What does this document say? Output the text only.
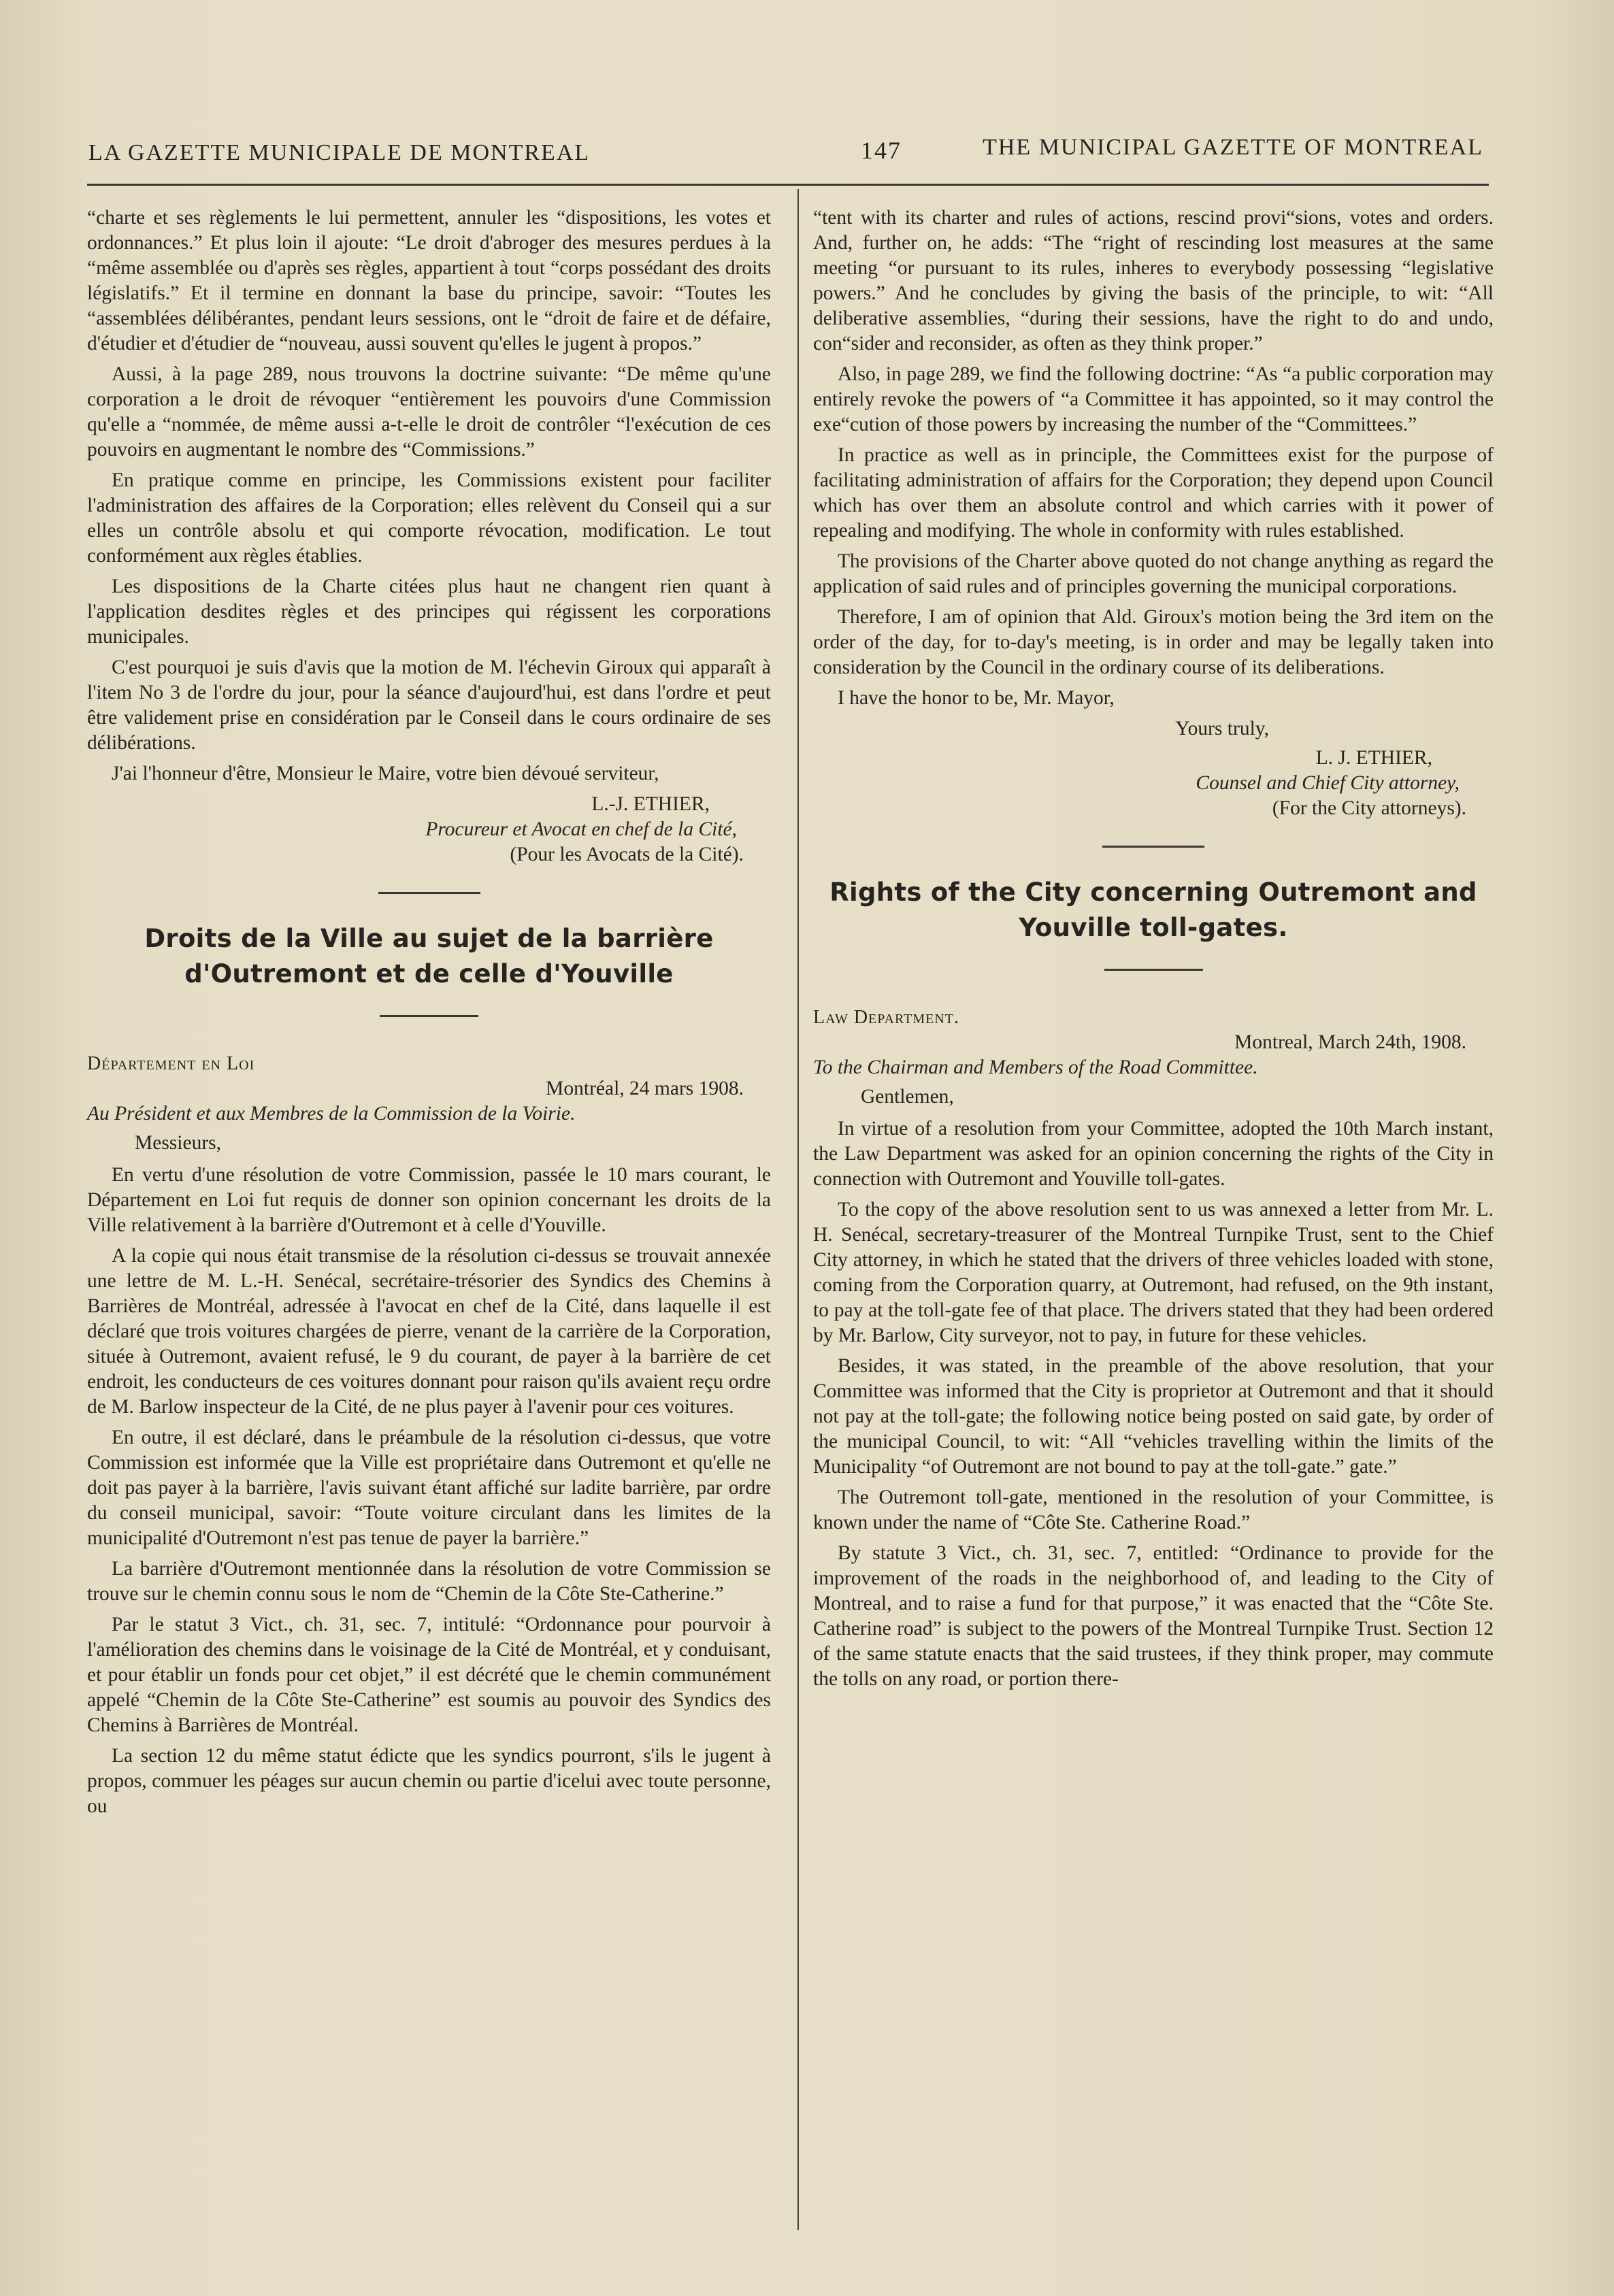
LA GAZETTE MUNICIPALE DE MONTREAL	147	THE MUNICIPAL GAZETTE OF MONTREAL

“charte et ses règlements le lui permettent, annuler les “dispositions, les votes et ordonnances.” Et plus loin il ajoute: “Le droit d'abroger des mesures perdues à la “même assemblée ou d'après ses règles, appartient à tout “corps possédant des droits législatifs.” Et il termine en donnant la base du principe, savoir: “Toutes les “assemblées délibérantes, pendant leurs sessions, ont le “droit de faire et de défaire, d'étudier et d'étudier de “nouveau, aussi souvent qu'elles le jugent à propos.”

Aussi, à la page 289, nous trouvons la doctrine suivante: “De même qu'une corporation a le droit de révoquer “entièrement les pouvoirs d'une Commission qu'elle a “nommée, de même aussi a-t-elle le droit de contrôler “l'exécution de ces pouvoirs en augmentant le nombre des “Commissions.”

En pratique comme en principe, les Commissions existent pour faciliter l'administration des affaires de la Corporation; elles relèvent du Conseil qui a sur elles un contrôle absolu et qui comporte révocation, modification. Le tout conformément aux règles établies.

Les dispositions de la Charte citées plus haut ne changent rien quant à l'application desdites règles et des principes qui régissent les corporations municipales.

C'est pourquoi je suis d'avis que la motion de M. l'échevin Giroux qui apparaît à l'item No 3 de l'ordre du jour, pour la séance d'aujourd'hui, est dans l'ordre et peut être validement prise en considération par le Conseil dans le cours ordinaire de ses délibérations.

J'ai l'honneur d'être, Monsieur le Maire, votre bien dévoué serviteur,

L.-J. ETHIER,
Procureur et Avocat en chef de la Cité,
(Pour les Avocats de la Cité).
Droits de la Ville au sujet de la barrière d'Outremont et de celle d'Youville
Département en Loi
Montréal, 24 mars 1908.
Au Président et aux Membres de la Commission de la Voirie.
Messieurs,

En vertu d'une résolution de votre Commission, passée le 10 mars courant, le Département en Loi fut requis de donner son opinion concernant les droits de la Ville relativement à la barrière d'Outremont et à celle d'Youville.

A la copie qui nous était transmise de la résolution ci-dessus se trouvait annexée une lettre de M. L.-H. Senécal, secrétaire-trésorier des Syndics des Chemins à Barrières de Montréal, adressée à l'avocat en chef de la Cité, dans laquelle il est déclaré que trois voitures chargées de pierre, venant de la carrière de la Corporation, située à Outremont, avaient refusé, le 9 du courant, de payer à la barrière de cet endroit, les conducteurs de ces voitures donnant pour raison qu'ils avaient reçu ordre de M. Barlow inspecteur de la Cité, de ne plus payer à l'avenir pour ces voitures.

En outre, il est déclaré, dans le préambule de la résolution ci-dessus, que votre Commission est informée que la Ville est propriétaire dans Outremont et qu'elle ne doit pas payer à la barrière, l'avis suivant étant affiché sur ladite barrière, par ordre du conseil municipal, savoir: “Toute voiture circulant dans les limites de la municipalité d'Outremont n'est pas tenue de payer la barrière.”

La barrière d'Outremont mentionnée dans la résolution de votre Commission se trouve sur le chemin connu sous le nom de “Chemin de la Côte Ste-Catherine.”

Par le statut 3 Vict., ch. 31, sec. 7, intitulé: “Ordonnance pour pourvoir à l'amélioration des chemins dans le voisinage de la Cité de Montréal, et y conduisant, et pour établir un fonds pour cet objet,” il est décrété que le chemin communément appelé “Chemin de la Côte Ste-Catherine” est soumis au pouvoir des Syndics des Chemins à Barrières de Montréal.

La section 12 du même statut édicte que les syndics pourront, s'ils le jugent à propos, commuer les péages sur aucun chemin ou partie d'icelui avec toute personne, ou

“tent with its charter and rules of actions, rescind provi“sions, votes and orders. And, further on, he adds: “The “right of rescinding lost measures at the same meeting “or pursuant to its rules, inheres to everybody possessing “legislative powers.” And he concludes by giving the basis of the principle, to wit: “All deliberative assemblies, “during their sessions, have the right to do and undo, con“sider and reconsider, as often as they think proper.”

Also, in page 289, we find the following doctrine: “As “a public corporation may entirely revoke the powers of “a Committee it has appointed, so it may control the exe“cution of those powers by increasing the number of the “Committees.”

In practice as well as in principle, the Committees exist for the purpose of facilitating administration of affairs for the Corporation; they depend upon Council which has over them an absolute control and which carries with it power of repealing and modifying. The whole in conformity with rules established.

The provisions of the Charter above quoted do not change anything as regard the application of said rules and of principles governing the municipal corporations.

Therefore, I am of opinion that Ald. Giroux's motion being the 3rd item on the order of the day, for to-day's meeting, is in order and may be legally taken into consideration by the Council in the ordinary course of its deliberations.

I have the honor to be, Mr. Mayor,

Yours truly,
L. J. ETHIER,
Counsel and Chief City attorney,
(For the City attorneys).
Rights of the City concerning Outremont and Youville toll-gates.
Law Department.
Montreal, March 24th, 1908.
To the Chairman and Members of the Road Committee.
Gentlemen,

In virtue of a resolution from your Committee, adopted the 10th March instant, the Law Department was asked for an opinion concerning the rights of the City in connection with Outremont and Youville toll-gates.

To the copy of the above resolution sent to us was annexed a letter from Mr. L. H. Senécal, secretary-treasurer of the Montreal Turnpike Trust, sent to the Chief City attorney, in which he stated that the drivers of three vehicles loaded with stone, coming from the Corporation quarry, at Outremont, had refused, on the 9th instant, to pay at the toll-gate fee of that place. The drivers stated that they had been ordered by Mr. Barlow, City surveyor, not to pay, in future for these vehicles.

Besides, it was stated, in the preamble of the above resolution, that your Committee was informed that the City is proprietor at Outremont and that it should not pay at the toll-gate; the following notice being posted on said gate, by order of the municipal Council, to wit: “All “vehicles travelling within the limits of the Municipality “of Outremont are not bound to pay at the toll-gate.” gate.”

The Outremont toll-gate, mentioned in the resolution of your Committee, is known under the name of “Côte Ste. Catherine Road.”

By statute 3 Vict., ch. 31, sec. 7, entitled: “Ordinance to provide for the improvement of the roads in the neighborhood of, and leading to the City of Montreal, and to raise a fund for that purpose,” it was enacted that the “Côte Ste. Catherine road” is subject to the powers of the Montreal Turnpike Trust. Section 12 of the same statute enacts that the said trustees, if they think proper, may commute the tolls on any road, or portion there-
